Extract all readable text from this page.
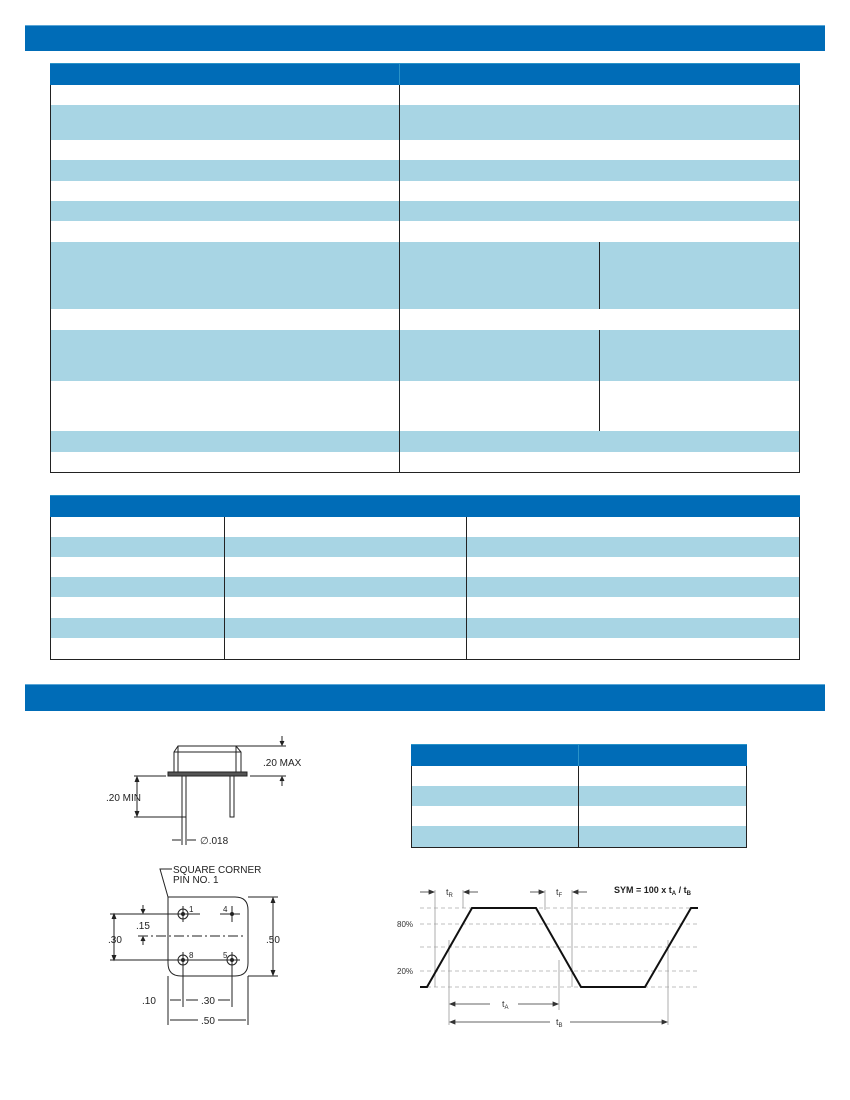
.20 MAX
.20 MIN
∅.018
SQUARE CORNER
PIN NO. 1
1	4
8	5
.15
.30	.50
.10	.30
.50
80%
20%
$t_R$	$t_F$
$t_A$
$t_B$
SYM = 100 x $t_A / t_B$
